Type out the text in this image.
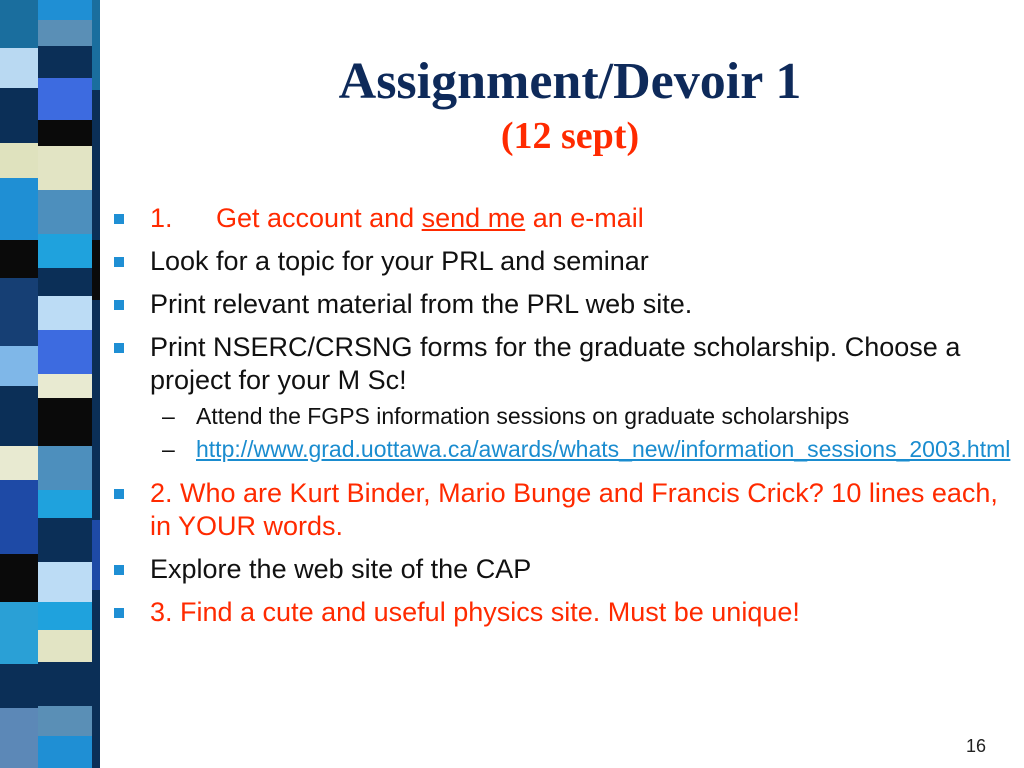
Assignment/Devoir 1
(12 sept)
1. Get account and send me an e-mail
Look for a topic for your PRL and seminar
Print relevant material from the PRL web site.
Print NSERC/CRSNG forms for the graduate scholarship. Choose a project for your M Sc!
– Attend the FGPS information sessions on graduate scholarships
– http://www.grad.uottawa.ca/awards/whats_new/information_sessions_2003.html
2. Who are Kurt Binder, Mario Bunge and Francis Crick? 10 lines each, in YOUR words.
Explore the web site of the CAP
3. Find a cute and useful physics site. Must be unique!
16
